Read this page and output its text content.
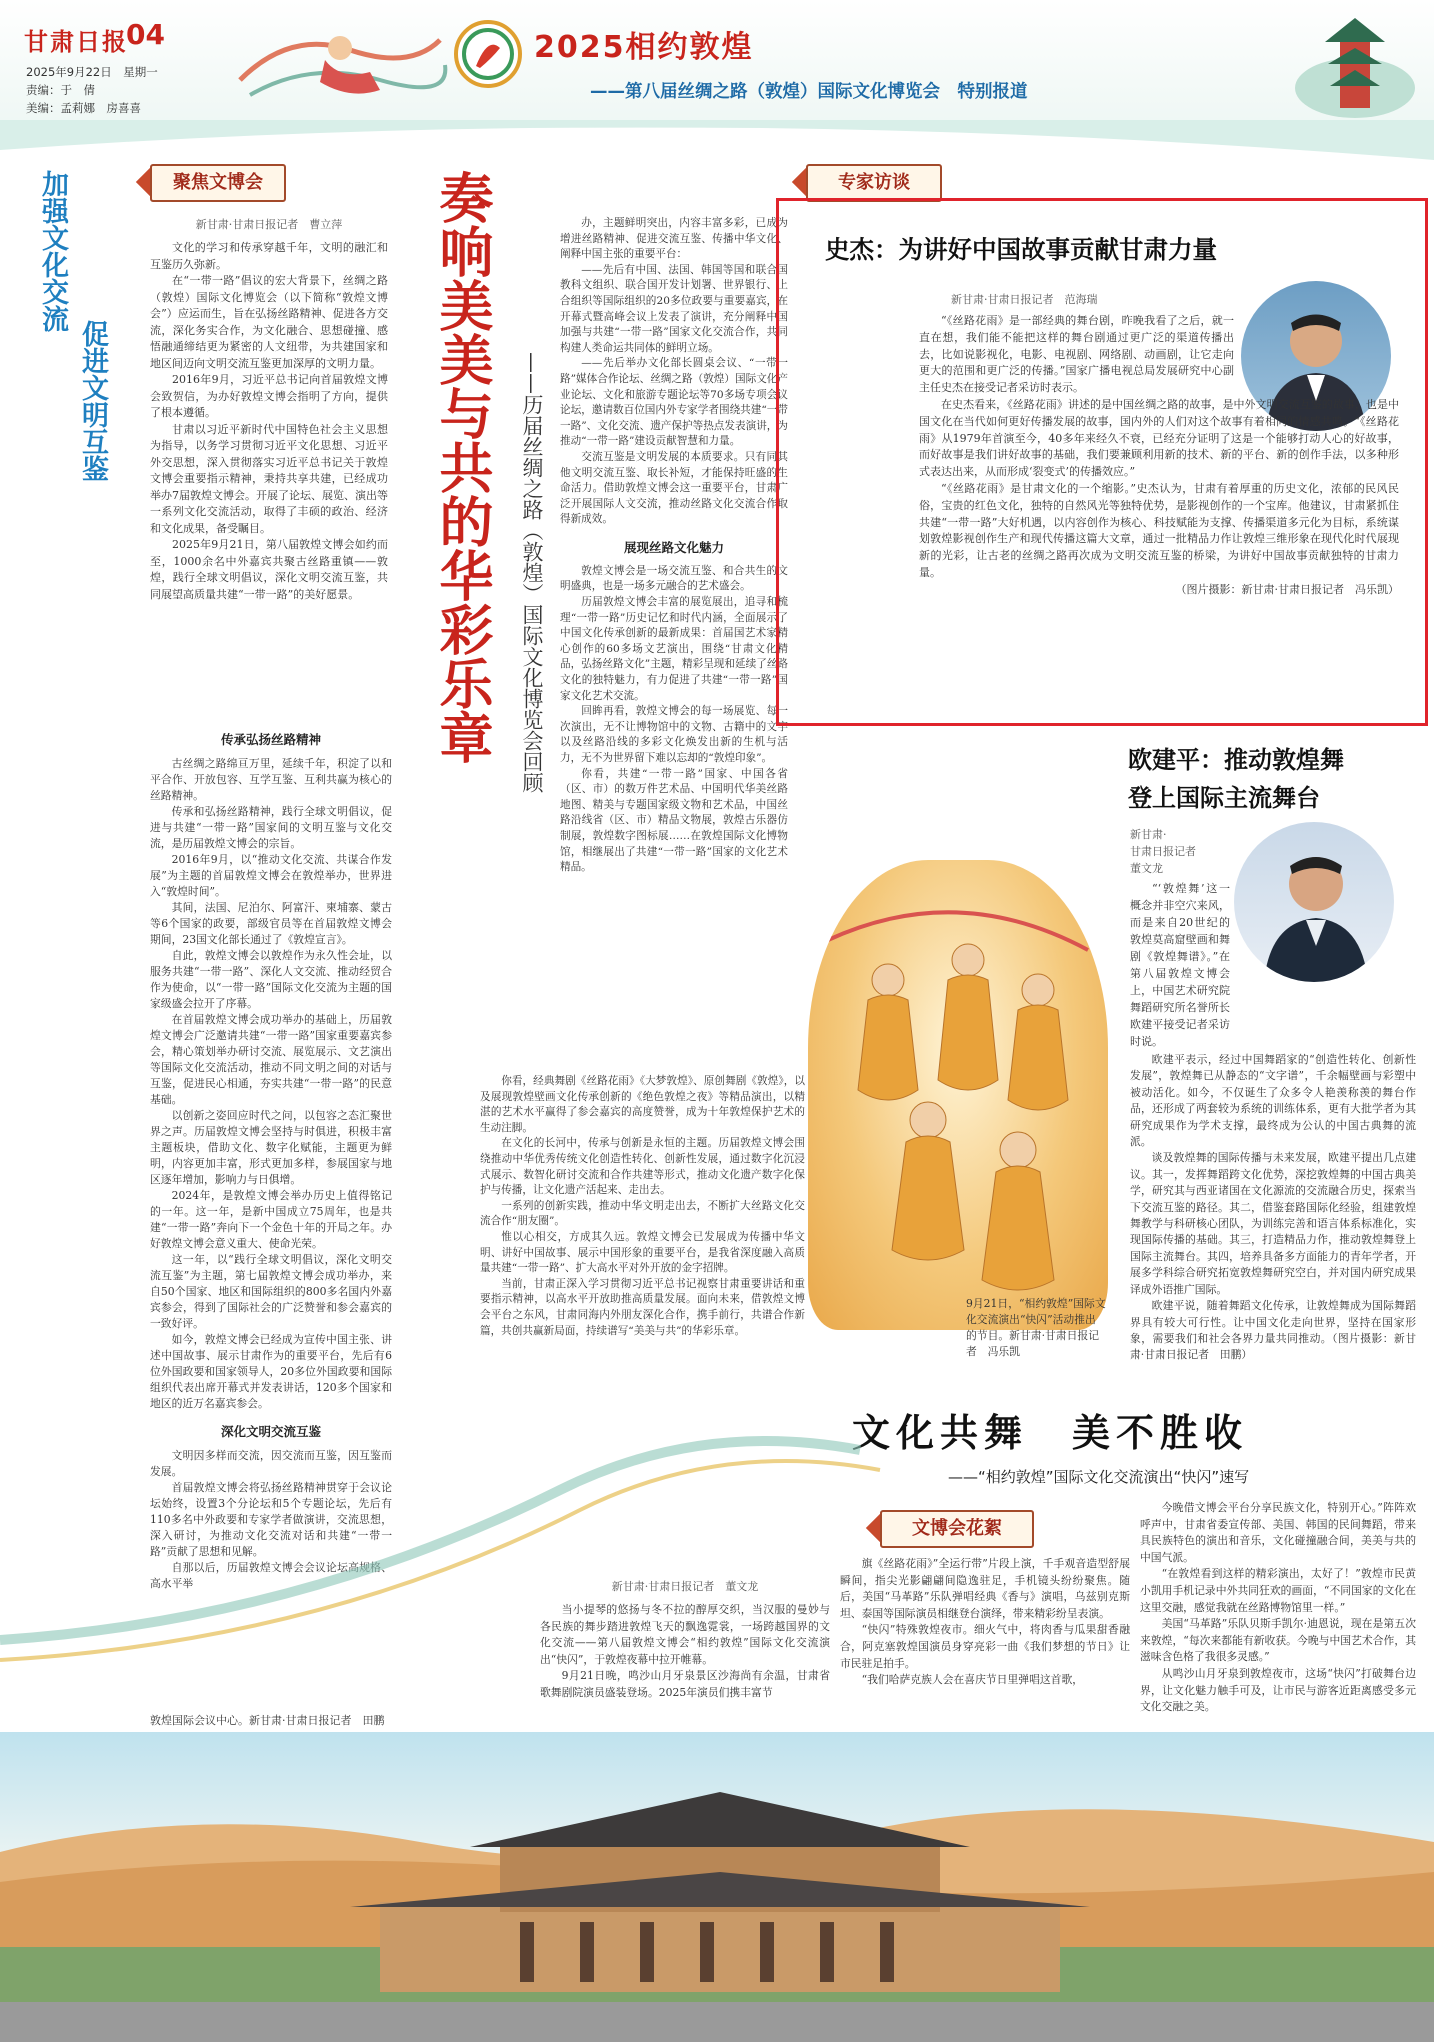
甘肃日报
04
2025年9月22日　星期一
责编：于　倩
美编：孟莉娜　房喜喜
2025相约敦煌
——第八届丝绸之路（敦煌）国际文化博览会　特别报道
加强文化交流
促进文明互鉴
聚焦文博会
新甘肃·甘肃日报记者　曹立萍

文化的学习和传承穿越千年，文明的融汇和互鉴历久弥新。

在“一带一路”倡议的宏大背景下，丝绸之路（敦煌）国际文化博览会（以下简称“敦煌文博会”）应运而生，旨在弘扬丝路精神、促进各方交流，深化务实合作，为文化融合、思想碰撞、感悟融通缔结更为紧密的人文纽带，为共建国家和地区间迈向文明交流互鉴更加深厚的文明力量。

2016年9月，习近平总书记向首届敦煌文博会致贺信，为办好敦煌文博会指明了方向，提供了根本遵循。

甘肃以习近平新时代中国特色社会主义思想为指导，以务学习贯彻习近平文化思想、习近平外交思想，深入贯彻落实习近平总书记关于敦煌文博会重要指示精神，秉持共享共建，已经成功举办7届敦煌文博会。开展了论坛、展览、演出等一系列文化交流活动，取得了丰硕的政治、经济和文化成果，备受瞩目。

2025年9月21日，第八届敦煌文博会如约而至，1000余名中外嘉宾共聚古丝路重镇——敦煌，践行全球文明倡议，深化文明交流互鉴，共同展望高质量共建“一带一路”的美好愿景。	奏响美美与共的华彩乐章	——历届丝绸之路（敦煌）国际文化博览会回顾
传承弘扬丝路精神

古丝绸之路绵亘万里，延续千年，积淀了以和平合作、开放包容、互学互鉴、互利共赢为核心的丝路精神。

传承和弘扬丝路精神，践行全球文明倡议，促进与共建“一带一路”国家间的文明互鉴与文化交流，是历届敦煌文博会的宗旨。

2016年9月，以“推动文化交流、共谋合作发展”为主题的首届敦煌文博会在敦煌举办，世界进入“敦煌时间”。

其间，法国、尼泊尔、阿富汗、柬埔寨、蒙古等6个国家的政要，部级官员等在首届敦煌文博会期间，23国文化部长通过了《敦煌宣言》。

自此，敦煌文博会以敦煌作为永久性会址，以服务共建“一带一路”、深化人文交流、推动经贸合作为使命，以“一带一路”国际文化交流为主题的国家级盛会拉开了序幕。

在首届敦煌文博会成功举办的基础上，历届敦煌文博会广泛邀请共建“一带一路”国家重要嘉宾参会，精心策划举办研讨交流、展览展示、文艺演出等国际文化交流活动，推动不同文明之间的对话与互鉴，促进民心相通，夯实共建“一带一路”的民意基础。

以创新之姿回应时代之问，以包容之态汇聚世界之声。历届敦煌文博会坚持与时俱进，积极丰富主题板块，借助文化、数字化赋能，主题更为鲜明，内容更加丰富，形式更加多样，参展国家与地区逐年增加，影响力与日俱增。

2024年，是敦煌文博会举办历史上值得铭记的一年。这一年，是新中国成立75周年，也是共建“一带一路”奔向下一个金色十年的开局之年。办好敦煌文博会意义重大、使命光荣。

这一年，以“践行全球文明倡议，深化文明交流互鉴”为主题，第七届敦煌文博会成功举办，来自50个国家、地区和国际组织的800多名国内外嘉宾参会，得到了国际社会的广泛赞誉和参会嘉宾的一致好评。

如今，敦煌文博会已经成为宣传中国主张、讲述中国故事、展示甘肃作为的重要平台，先后有6位外国政要和国家领导人，20多位外国政要和国际组织代表出席开幕式并发表讲话，120多个国家和地区的近万名嘉宾参会。

深化文明交流互鉴

文明因多样而交流，因交流而互鉴，因互鉴而发展。

首届敦煌文博会将弘扬丝路精神贯穿于会议论坛始终，设置3个分论坛和5个专题论坛，先后有110多名中外政要和专家学者做演讲，交流思想，深入研讨，为推动文化交流对话和共建“一带一路”贡献了思想和见解。

自那以后，历届敦煌文博会会议论坛高规格、高水平举

办，主题鲜明突出，内容丰富多彩，已成为增进丝路精神、促进交流互鉴、传播中华文化、阐释中国主张的重要平台：

——先后有中国、法国、韩国等国和联合国教科文组织、联合国开发计划署、世界银行、上合组织等国际组织的20多位政要与重要嘉宾，在开幕式暨高峰会议上发表了演讲，充分阐释中国加强与共建“一带一路”国家文化交流合作，共同构建人类命运共同体的鲜明立场。

——先后举办文化部长圆桌会议、“一带一路”媒体合作论坛、丝绸之路（敦煌）国际文化产业论坛、文化和旅游专题论坛等70多场专项会议论坛，邀请数百位国内外专家学者围绕共建“一带一路”、文化交流、遗产保护等热点发表演讲，为推动“一带一路”建设贡献智慧和力量。

交流互鉴是文明发展的本质要求。只有同其他文明交流互鉴、取长补短，才能保持旺盛的生命活力。借助敦煌文博会这一重要平台，甘肃广泛开展国际人文交流，推动丝路文化交流合作取得新成效。

展现丝路文化魅力

敦煌文博会是一场交流互鉴、和合共生的文明盛典，也是一场多元融合的艺术盛会。

历届敦煌文博会丰富的展览展出，追寻和梳理“一带一路”历史记忆和时代内涵，全面展示了中国文化传承创新的最新成果：首届国艺术家精心创作的60多场文艺演出，围绕“甘肃文化精品，弘扬丝路文化”主题，精彩呈现和延续了丝路文化的独特魅力，有力促进了共建“一带一路”国家文化艺术交流。

回眸再看，敦煌文博会的每一场展览、每一次演出，无不让博物馆中的文物、古籍中的文字以及丝路沿线的多彩文化焕发出新的生机与活力，无不为世界留下难以忘却的“敦煌印象”。

你看，共建“一带一路”国家、中国各省（区、市）的数万件艺术品、中国明代华美丝路地图、精美与专题国家级文物和艺术品，中国丝路沿线省（区、市）精品文物展，敦煌古乐器仿制展，敦煌数字图标展……在敦煌国际文化博物馆，相继展出了共建“一带一路”国家的文化艺术精品。

你看，经典舞剧《丝路花雨》《大梦敦煌》、原创舞剧《敦煌》，以及展现敦煌壁画文化传承创新的《绝色敦煌之夜》等精品演出，以精湛的艺术水平赢得了参会嘉宾的高度赞誉，成为十年敦煌保护艺术的生动注脚。

在文化的长河中，传承与创新是永恒的主题。历届敦煌文博会围绕推动中华优秀传统文化创造性转化、创新性发展，通过数字化沉浸式展示、数智化研讨交流和合作共建等形式，推动文化遗产数字化保护与传播，让文化遗产活起来、走出去。

一系列的创新实践，推动中华文明走出去，不断扩大丝路文化交流合作“朋友圈”。

惟以心相交，方成其久远。敦煌文博会已发展成为传播中华文明、讲好中国故事、展示中国形象的重要平台，是我省深度融入高质量共建“一带一路”、扩大高水平对外开放的金字招牌。

当前，甘肃正深入学习贯彻习近平总书记视察甘肃重要讲话和重要指示精神，以高水平开放助推高质量发展。面向未来，借敦煌文博会平台之东风，甘肃同海内外朋友深化合作，携手前行，共谱合作新篇，共创共赢新局面，持续谱写“美美与共”的华彩乐章。

9月21日，“相约敦煌”国际文化交流演出“快闪”活动推出的节目。新甘肃·甘肃日报记者　冯乐凯
专家访谈
史杰：为讲好中国故事贡献甘肃力量
新甘肃·甘肃日报记者　范海瑞

“《丝路花雨》是一部经典的舞台剧，昨晚我看了之后，就一直在想，我们能不能把这样的舞台剧通过更广泛的渠道传播出去，比如说影视化，电影、电视剧、网络剧、动画剧，让它走向更大的范围和更广泛的传播。”国家广播电视总局发展研究中心副主任史杰在接受记者采访时表示。

在史杰看来，《丝路花雨》讲述的是中国丝绸之路的故事，是中外文明交流互鉴的故事，也是中国文化在当代如何更好传播发展的故事，国内外的人们对这个故事有着相同的情感共鸣。“《丝路花雨》从1979年首演至今，40多年来经久不衰，已经充分证明了这是一个能够打动人心的好故事，而好故事是我们讲好故事的基础，我们要兼顾利用新的技术、新的平台、新的创作手法，以多种形式表达出来，从而形成‘裂变式’的传播效应。”

“《丝路花雨》是甘肃文化的一个缩影。”史杰认为，甘肃有着厚重的历史文化，浓郁的民风民俗，宝贵的红色文化，独特的自然风光等独特优势，是影视创作的一个宝库。他建议，甘肃紧抓住共建“一带一路”大好机遇，以内容创作为核心、科技赋能为支撑、传播渠道多元化为目标，系统谋划敦煌影视创作生产和现代传播这篇大文章，通过一批精品力作让敦煌三维形象在现代化时代展现新的光彩，让古老的丝绸之路再次成为文明交流互鉴的桥梁，为讲好中国故事贡献独特的甘肃力量。

（图片摄影：新甘肃·甘肃日报记者　冯乐凯）

欧建平：推动敦煌舞
登上国际主流舞台
新甘肃·
甘肃日报记者
董文龙

“‘敦煌舞’这一概念并非空穴来风，而是来自20世纪的敦煌莫高窟壁画和舞剧《敦煌舞谱》。”在第八届敦煌文博会上，中国艺术研究院舞蹈研究所名誉所长欧建平接受记者采访时说。

欧建平表示，经过中国舞蹈家的“创造性转化、创新性发展”，敦煌舞已从静态的“文字谱”，千余幅壁画与彩塑中被动活化。如今，不仅诞生了众多令人艳羡称羡的舞台作品，还形成了两套较为系统的训练体系，更有大批学者为其研究成果作为学术支撑，最终成为公认的中国古典舞的流派。

谈及敦煌舞的国际传播与未来发展，欧建平提出几点建议。其一，发挥舞蹈跨文化优势，深挖敦煌舞的中国古典美学，研究其与西亚诸国在文化源流的交流融合历史，探索当下交流互鉴的路径。其二，借鉴套路国际化经验，组建敦煌舞教学与科研核心团队，为训练完善和语言体系标准化，实现国际传播的基础。其三，打造精品力作，推动敦煌舞登上国际主流舞台。其四，培养具备多方面能力的青年学者，开展多学科综合研究拓宽敦煌舞研究空白，并对国内研究成果译成外语推广国际。

欧建平说，随着舞蹈文化传承，让敦煌舞成为国际舞蹈界具有较大可行性。让中国文化走向世界，坚持在国家形象，需要我们和社会各界力量共同推动。（图片摄影：新甘肃·甘肃日报记者　田鹏）

文化共舞　美不胜收
——“相约敦煌”国际文化交流演出“快闪”速写
文博会花絮
新甘肃·甘肃日报记者　董文龙

当小提琴的悠扬与冬不拉的醇厚交织，当汉服的曼妙与各民族的舞步踏进敦煌飞天的飘逸霓裳，一场跨越国界的文化交流——第八届敦煌文博会“相约敦煌”国际文化交流演出“快闪”，于敦煌夜幕中拉开帷幕。

9月21日晚，鸣沙山月牙泉景区沙海尚有余温，甘肃省歌舞剧院演员盛装登场。2025年演员们携丰富节

旗《丝路花雨》”全运行带”片段上演，千手观音造型舒展瞬间，指尖光影翩翩间隐逸驻足，手机镜头纷纷聚焦。随后，美国“马革路”乐队弹唱经典《香与》演唱，乌兹别克斯坦、泰国等国际演员相继登台演绎，带来精彩纷呈表演。

“快闪”特殊敦煌夜市。细火气中，将肉香与瓜果甜香融合，阿克塞敦煌国演员身穿亮彩一曲《我们梦想的节日》让市民驻足拍手。

“我们哈萨克族人会在喜庆节日里弹唱这首歌，

今晚借文博会平台分享民族文化，特别开心。”阵阵欢呼声中，甘肃省委宣传部、美国、韩国的民间舞蹈，带来具民族特色的演出和音乐，文化碰撞融合间，美美与共的中国气派。

“在敦煌看到这样的精彩演出，太好了！”敦煌市民黄小凯用手机记录中外共同狂欢的画面，“不同国家的文化在这里交融，感觉我就在丝路博物馆里一样。”

美国“马革路”乐队贝斯手凯尔·迪恩说，现在是第五次来敦煌，“每次来都能有新收获。今晚与中国艺术合作，其滋味含色格了我很多灵感。”

从鸣沙山月牙泉到敦煌夜市，这场“快闪”打破舞台边界，让文化魅力触手可及，让市民与游客近距离感受多元文化交融之美。

敦煌国际会议中心。新甘肃·甘肃日报记者　田鹏
